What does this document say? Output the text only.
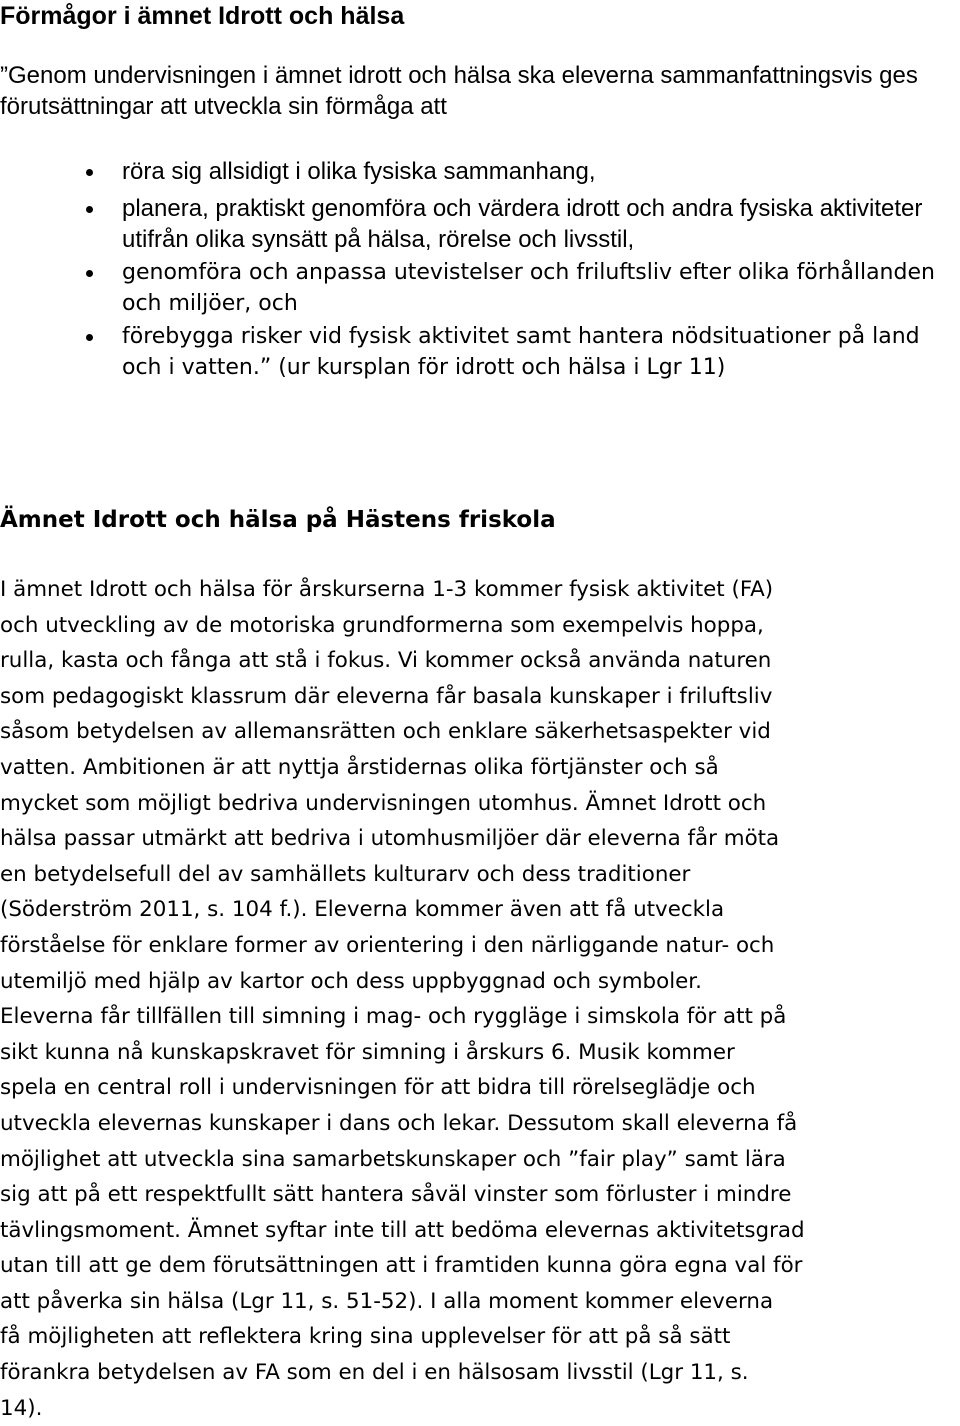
Förmågor i ämnet Idrott och hälsa

”Genom undervisningen i ämnet idrott och hälsa ska eleverna sammanfattningsvis ges förutsättningar att utveckla sin förmåga att

röra sig allsidigt i olika fysiska sammanhang,
planera, praktiskt genomföra och värdera idrott och andra fysiska aktiviteter utifrån olika synsätt på hälsa, rörelse och livsstil,
genomföra och anpassa utevistelser och friluftsliv efter olika förhållanden och miljöer, och
förebygga risker vid fysisk aktivitet samt hantera nödsituationer på land och i vatten.” (ur kursplan för idrott och hälsa i Lgr 11)
Ämnet Idrott och hälsa på Hästens friskola
I ämnet Idrott och hälsa för årskurserna 1-3 kommer fysisk aktivitet (FA)
och utveckling av de motoriska grundformerna som exempelvis hoppa,
rulla, kasta och fånga att stå i fokus. Vi kommer också använda naturen
som pedagogiskt klassrum där eleverna får basala kunskaper i friluftsliv
såsom betydelsen av allemansrätten och enklare säkerhetsaspekter vid
vatten. Ambitionen är att nyttja årstidernas olika förtjänster och så
mycket som möjligt bedriva undervisningen utomhus. Ämnet Idrott och
hälsa passar utmärkt att bedriva i utomhusmiljöer där eleverna får möta
en betydelsefull del av samhällets kulturarv och dess traditioner
(Söderström 2011, s. 104 f.). Eleverna kommer även att få utveckla
förståelse för enklare former av orientering i den närliggande natur- och
utemiljö med hjälp av kartor och dess uppbyggnad och symboler.
Eleverna får tillfällen till simning i mag- och ryggläge i simskola för att på
sikt kunna nå kunskapskravet för simning i årskurs 6. Musik kommer
spela en central roll i undervisningen för att bidra till rörelseglädje och
utveckla elevernas kunskaper i dans och lekar. Dessutom skall eleverna få
möjlighet att utveckla sina samarbetskunskaper och ”fair play” samt lära
sig att på ett respektfullt sätt hantera såväl vinster som förluster i mindre
tävlingsmoment. Ämnet syftar inte till att bedöma elevernas aktivitetsgrad
utan till att ge dem förutsättningen att i framtiden kunna göra egna val för
att påverka sin hälsa (Lgr 11, s. 51-52). I alla moment kommer eleverna
få möjligheten att reflektera kring sina upplevelser för att på så sätt
förankra betydelsen av FA som en del i en hälsosam livsstil (Lgr 11, s.
14).
